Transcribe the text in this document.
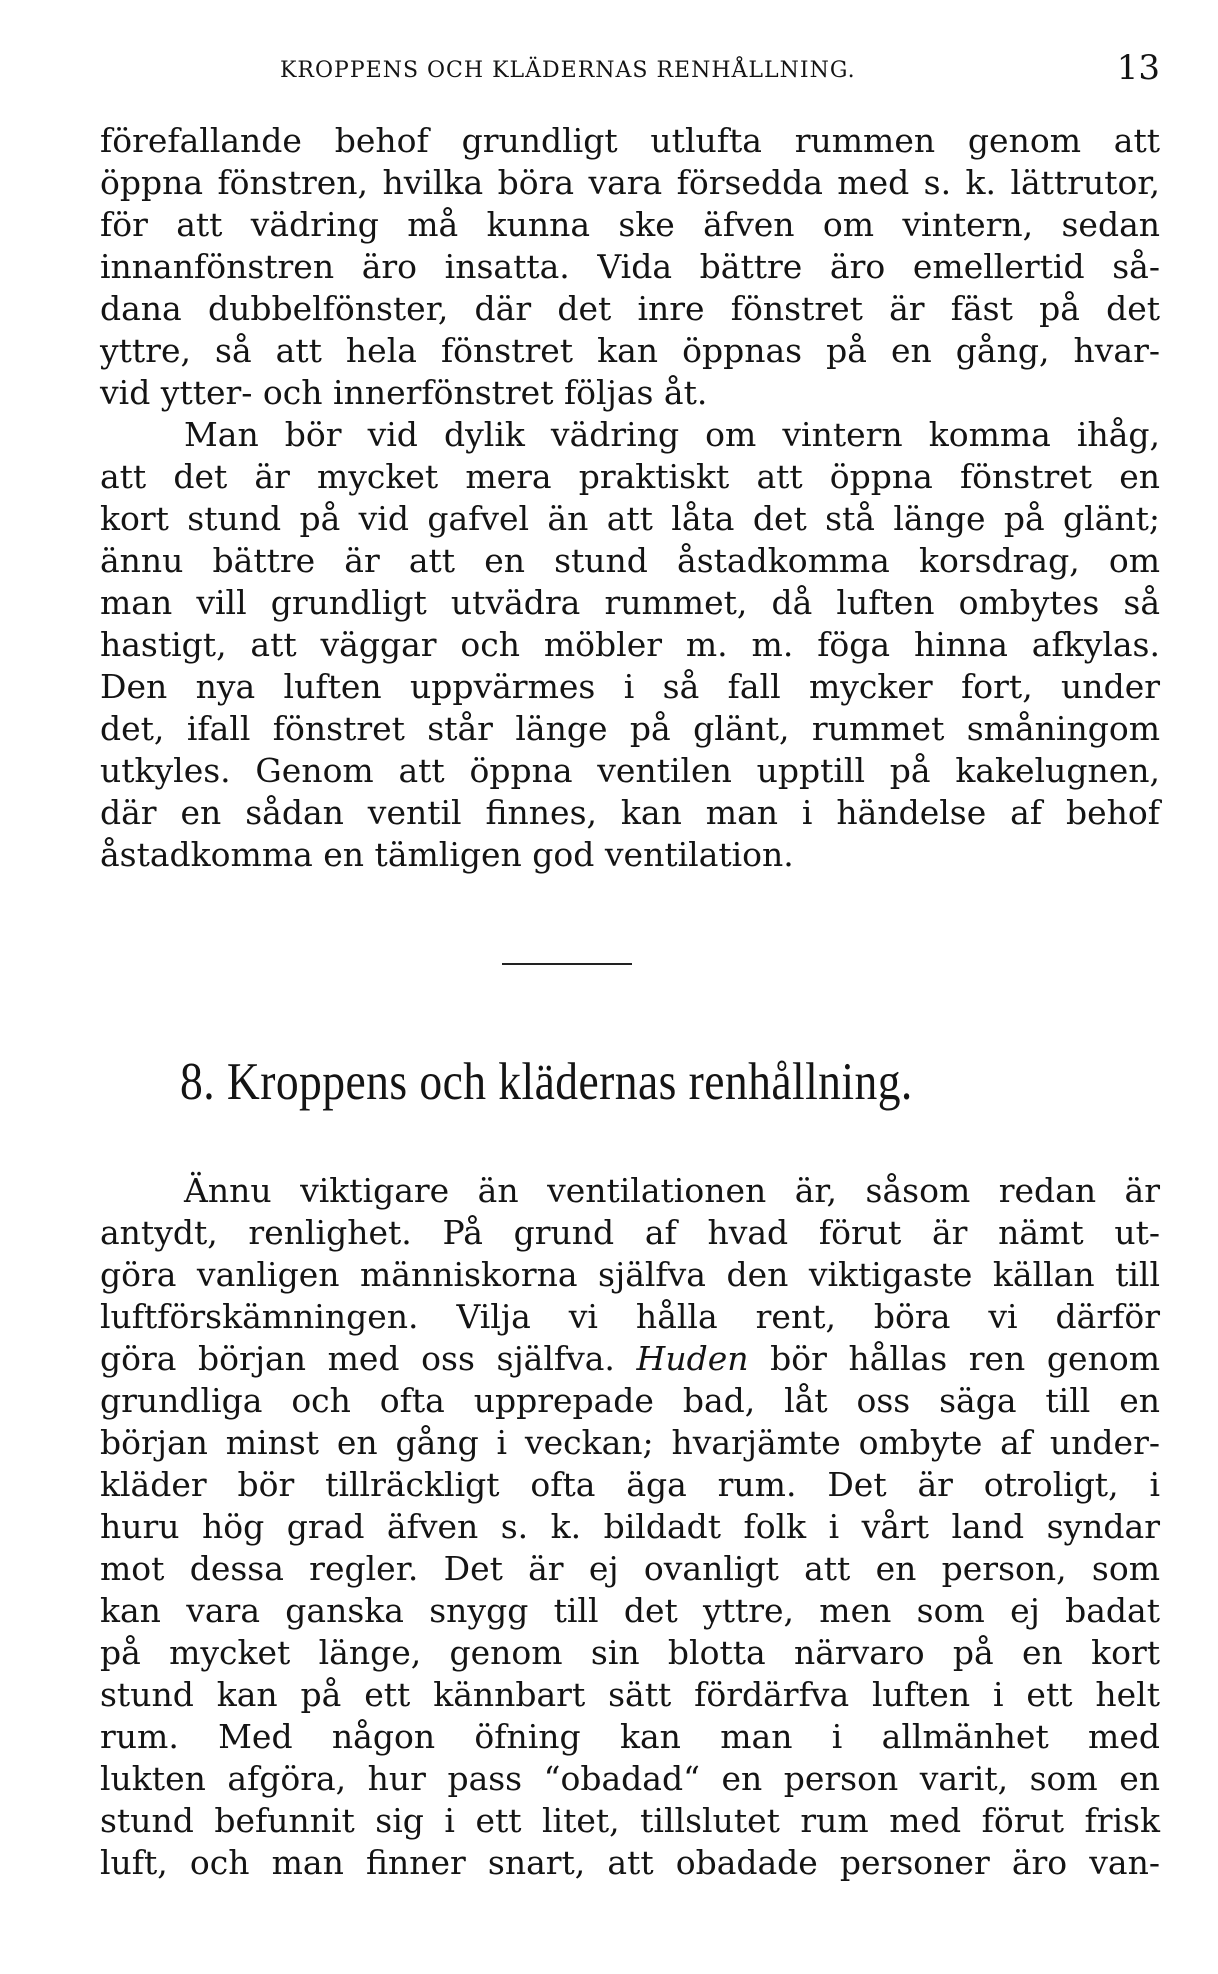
KROPPENS OCH KLÄDERNAS RENHÅLLNING.	13
förefallande behof grundligt utlufta rummen genom att
öppna fönstren, hvilka böra vara försedda med s. k. lättrutor,
för att vädring må kunna ske äfven om vintern, sedan
innanfönstren äro insatta. Vida bättre äro emellertid så-
dana dubbelfönster, där det inre fönstret är fäst på det
yttre, så att hela fönstret kan öppnas på en gång, hvar-
vid ytter- och innerfönstret följas åt.
Man bör vid dylik vädring om vintern komma ihåg,
att det är mycket mera praktiskt att öppna fönstret en
kort stund på vid gafvel än att låta det stå länge på glänt;
ännu bättre är att en stund åstadkomma korsdrag, om
man vill grundligt utvädra rummet, då luften ombytes så
hastigt, att väggar och möbler m. m. föga hinna afkylas.
Den nya luften uppvärmes i så fall mycker fort, under
det, ifall fönstret står länge på glänt, rummet småningom
utkyles. Genom att öppna ventilen upptill på kakelugnen,
där en sådan ventil finnes, kan man i händelse af behof
åstadkomma en tämligen god ventilation.
8. Kroppens och klädernas renhållning.
Ännu viktigare än ventilationen är, såsom redan är
antydt, renlighet. På grund af hvad förut är nämt ut-
göra vanligen människorna själfva den viktigaste källan till
luftförskämningen. Vilja vi hålla rent, böra vi därför
göra början med oss själfva. Huden bör hållas ren genom
grundliga och ofta upprepade bad, låt oss säga till en
början minst en gång i veckan; hvarjämte ombyte af under-
kläder bör tillräckligt ofta äga rum. Det är otroligt, i
huru hög grad äfven s. k. bildadt folk i vårt land syndar
mot dessa regler. Det är ej ovanligt att en person, som
kan vara ganska snygg till det yttre, men som ej badat
på mycket länge, genom sin blotta närvaro på en kort
stund kan på ett kännbart sätt fördärfva luften i ett helt
rum. Med någon öfning kan man i allmänhet med
lukten afgöra, hur pass “obadad“ en person varit, som en
stund befunnit sig i ett litet, tillslutet rum med förut frisk
luft, och man finner snart, att obadade personer äro van-
